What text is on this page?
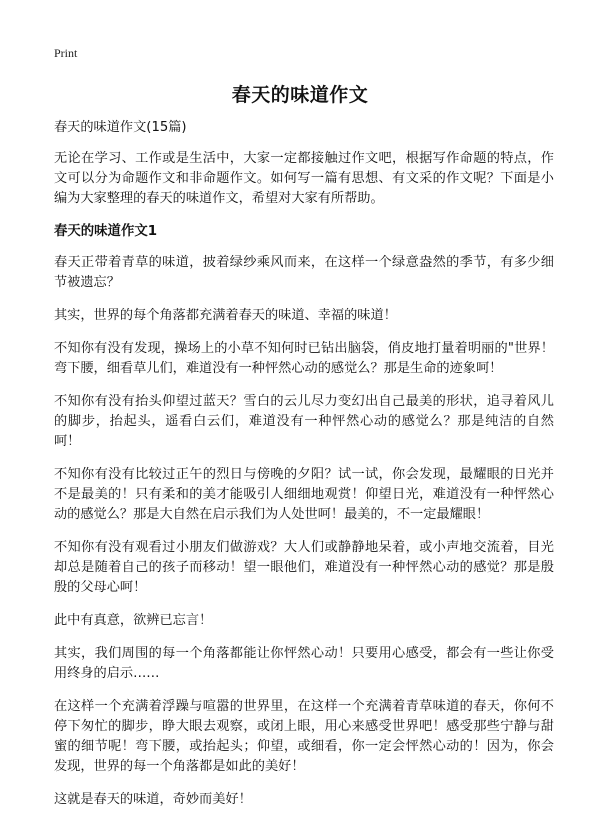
Print
春天的味道作文

春天的味道作文(15篇)

无论在学习、工作或是生活中，大家一定都接触过作文吧，根据写作命题的特点，作文可以分为命题作文和非命题作文。如何写一篇有思想、有文采的作文呢？下面是小编为大家整理的春天的味道作文，希望对大家有所帮助。

春天的味道作文1

春天正带着青草的味道，披着绿纱乘风而来，在这样一个绿意盎然的季节，有多少细节被遗忘？

其实，世界的每个角落都充满着春天的味道、幸福的味道！

不知你有没有发现，操场上的小草不知何时已钻出脑袋，俏皮地打量着明丽的"世界！弯下腰，细看草儿们，难道没有一种怦然心动的感觉么？那是生命的迹象呵！

不知你有没有抬头仰望过蓝天？雪白的云儿尽力变幻出自己最美的形状，追寻着风儿的脚步，抬起头，遥看白云们，难道没有一种怦然心动的感觉么？那是纯洁的自然呵！

不知你有没有比较过正午的烈日与傍晚的夕阳？试一试，你会发现，最耀眼的日光并不是最美的！只有柔和的美才能吸引人细细地观赏！仰望日光，难道没有一种怦然心动的感觉么？那是大自然在启示我们为人处世呵！最美的，不一定最耀眼！

不知你有没有观看过小朋友们做游戏？大人们或静静地呆着，或小声地交流着，目光却总是随着自己的孩子而移动！望一眼他们，难道没有一种怦然心动的感觉？那是殷殷的父母心呵！

此中有真意，欲辨已忘言！

其实，我们周围的每一个角落都能让你怦然心动！只要用心感受，都会有一些让你受用终身的启示……

在这样一个充满着浮躁与喧嚣的世界里，在这样一个充满着青草味道的春天，你何不停下匆忙的脚步，睁大眼去观察，或闭上眼，用心来感受世界吧！感受那些宁静与甜蜜的细节呢！弯下腰，或抬起头；仰望，或细看，你一定会怦然心动的！因为，你会发现，世界的每一个角落都是如此的美好！

这就是春天的味道，奇妙而美好！
